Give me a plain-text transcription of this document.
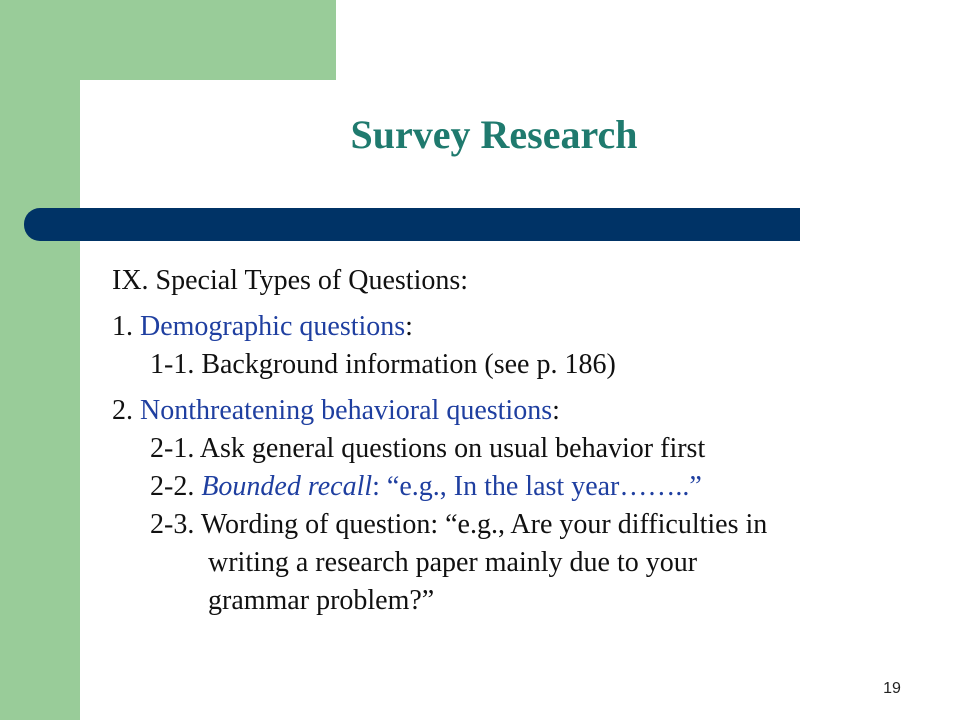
Survey Research

IX. Special Types of Questions:

1. Demographic questions:

1-1. Background information (see p. 186)

2. Nonthreatening behavioral questions:

2-1. Ask general questions on usual behavior first

2-2. Bounded recall: “e.g., In the last year……..”

2-3. Wording of question: “e.g., Are your difficulties in

writing a research paper mainly due to your

grammar problem?”

19
